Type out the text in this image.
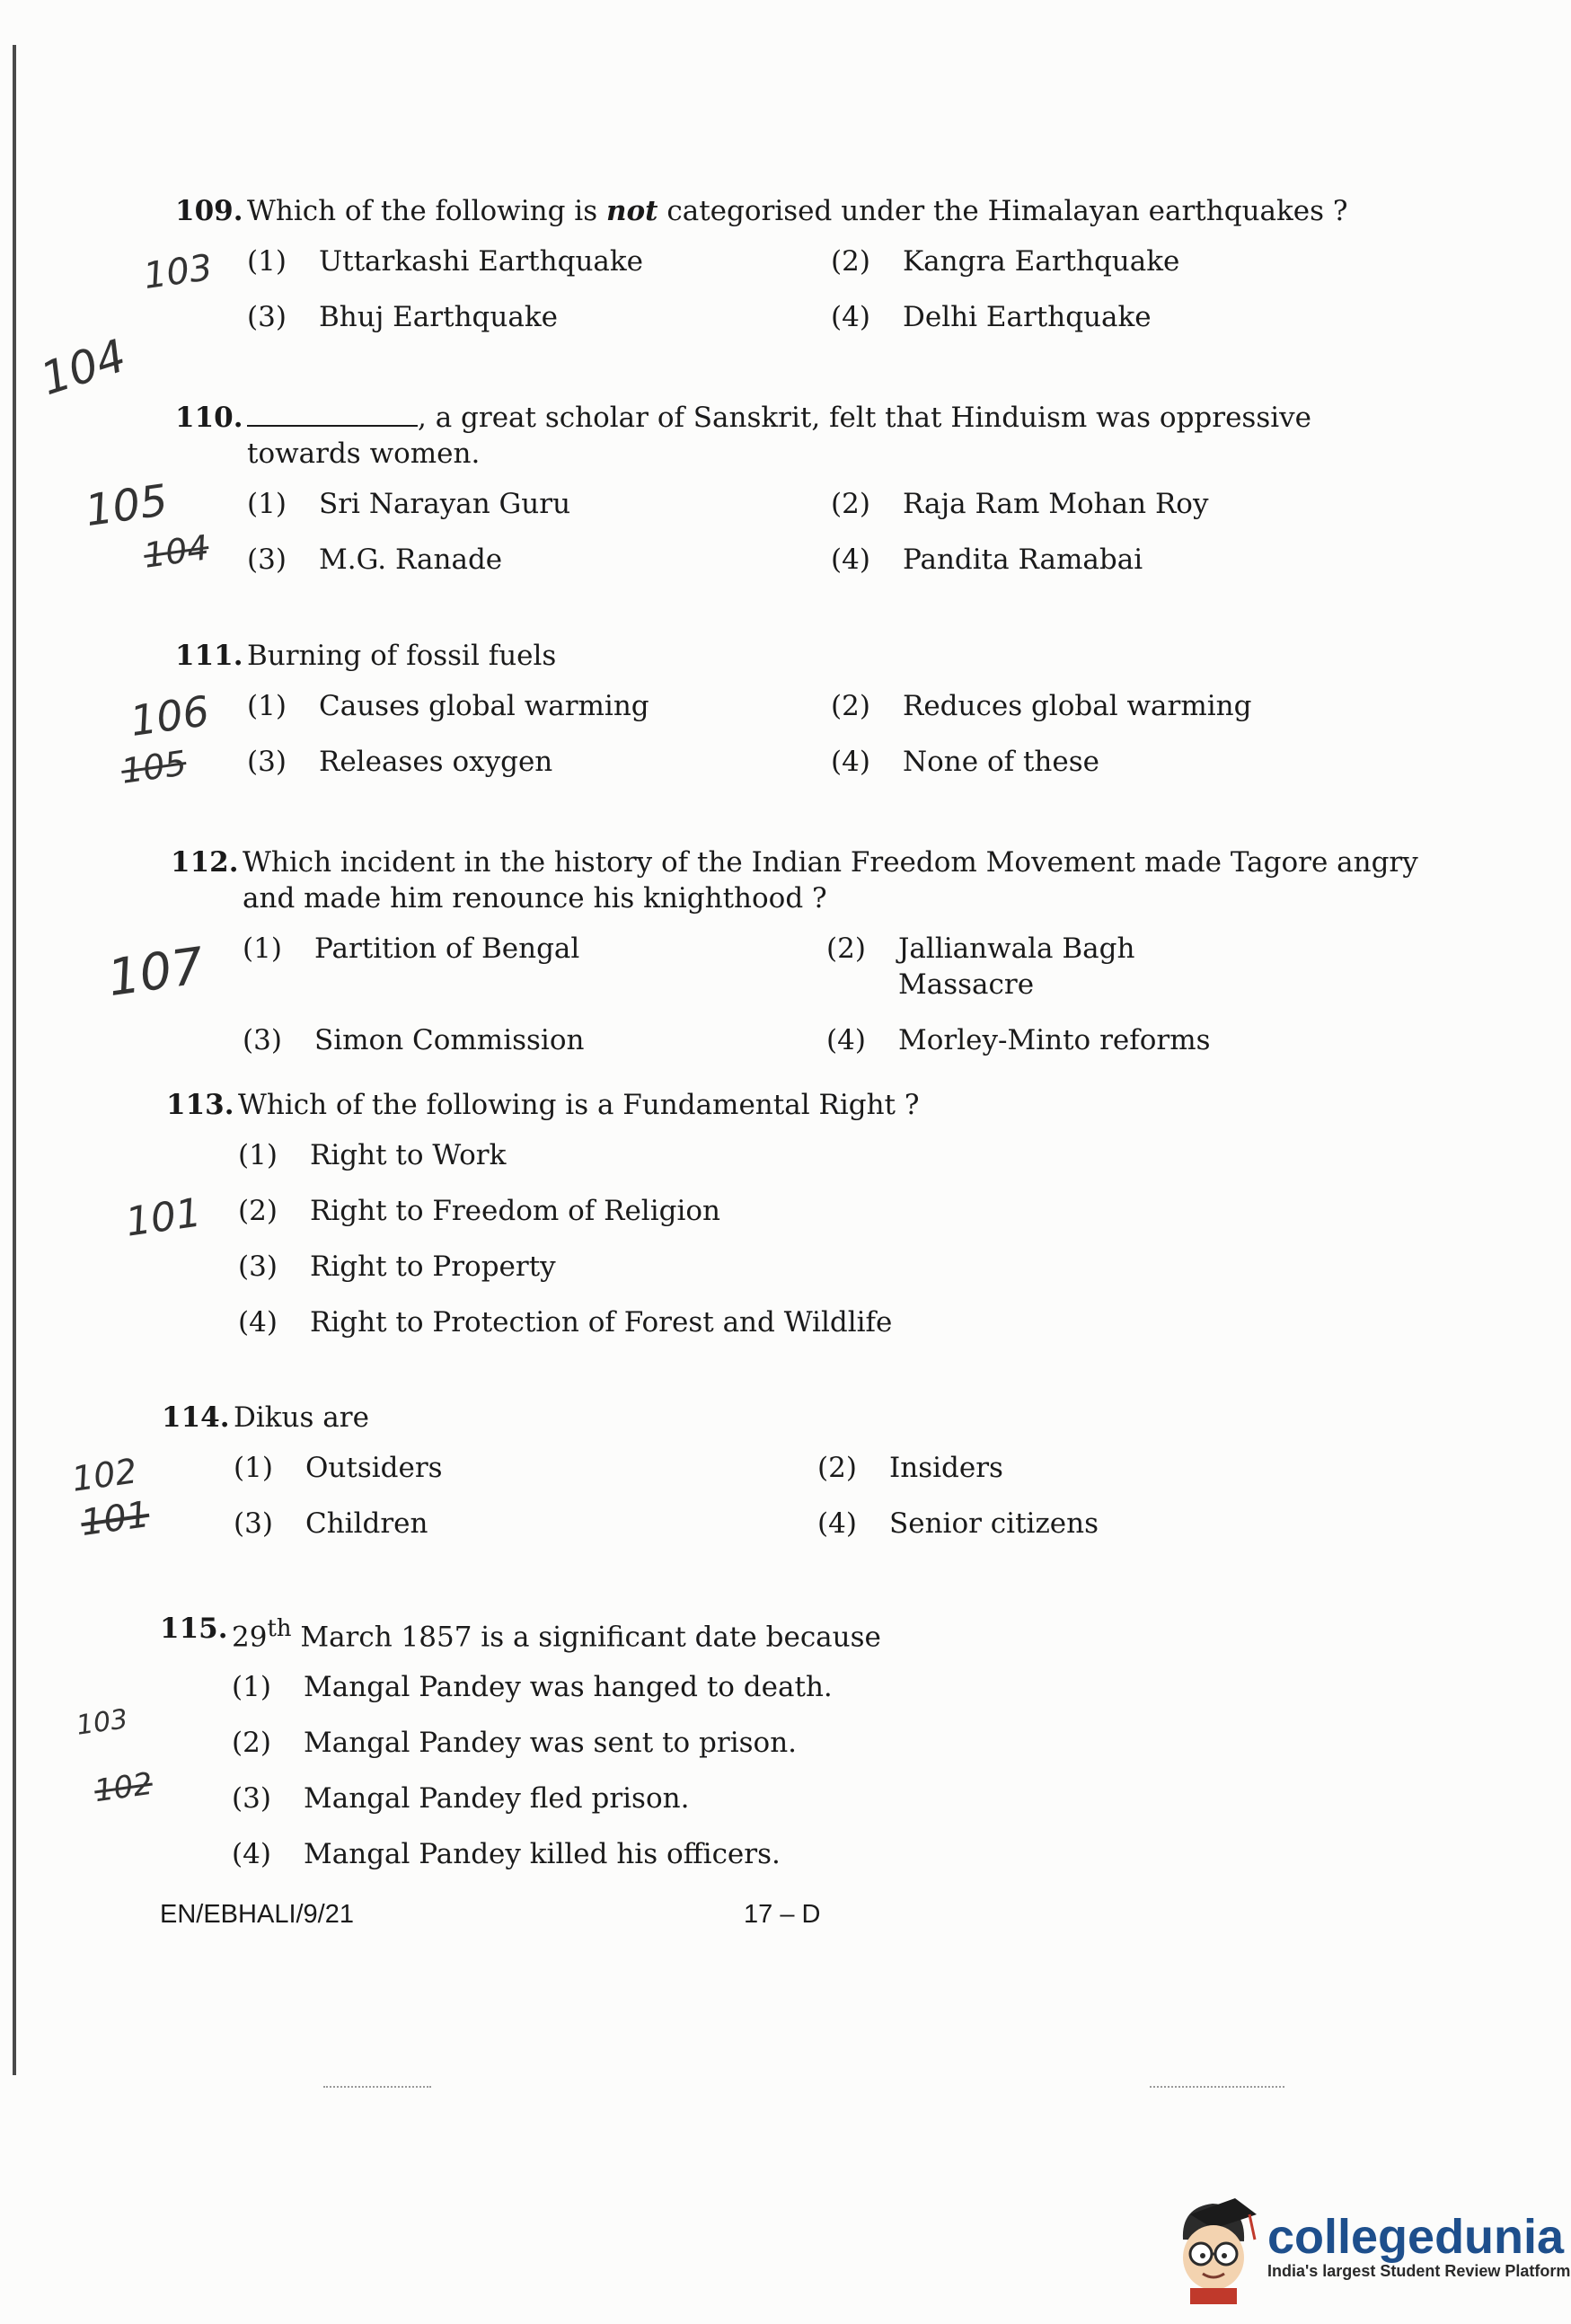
109. Which of the following is not categorised under the Himalayan earthquakes ?
(1)	Uttarkashi Earthquake	(2)	Kangra Earthquake
(3)	Bhuj Earthquake	(4)	Delhi Earthquake
110.	, a great scholar of Sanskrit, felt that Hinduism was oppressive towards women.
(1)	Sri Narayan Guru	(2)	Raja Ram Mohan Roy
(3)	M.G. Ranade	(4)	Pandita Ramabai
111. Burning of fossil fuels
(1)	Causes global warming	(2)	Reduces global warming
(3)	Releases oxygen	(4)	None of these
112. Which incident in the history of the Indian Freedom Movement made Tagore angry and made him renounce his knighthood ?
(1)	Partition of Bengal	(2)	Jallianwala Bagh Massacre
(3)	Simon Commission	(4)	Morley-Minto reforms
113. Which of the following is a Fundamental Right ?
(1)	Right to Work
(2)	Right to Freedom of Religion
(3)	Right to Property
(4)	Right to Protection of Forest and Wildlife
114. Dikus are
(1)	Outsiders	(2)	Insiders
(3)	Children	(4)	Senior citizens
115. 29th March 1857 is a significant date because
(1)	Mangal Pandey was hanged to death.
(2)	Mangal Pandey was sent to prison.
(3)	Mangal Pandey fled prison.
(4)	Mangal Pandey killed his officers.
103
104
105
104
106
105
107
101
102
101
103
102
EN/EBHALI/9/21	17 – D
collegedunia
India's largest Student Review Platform
